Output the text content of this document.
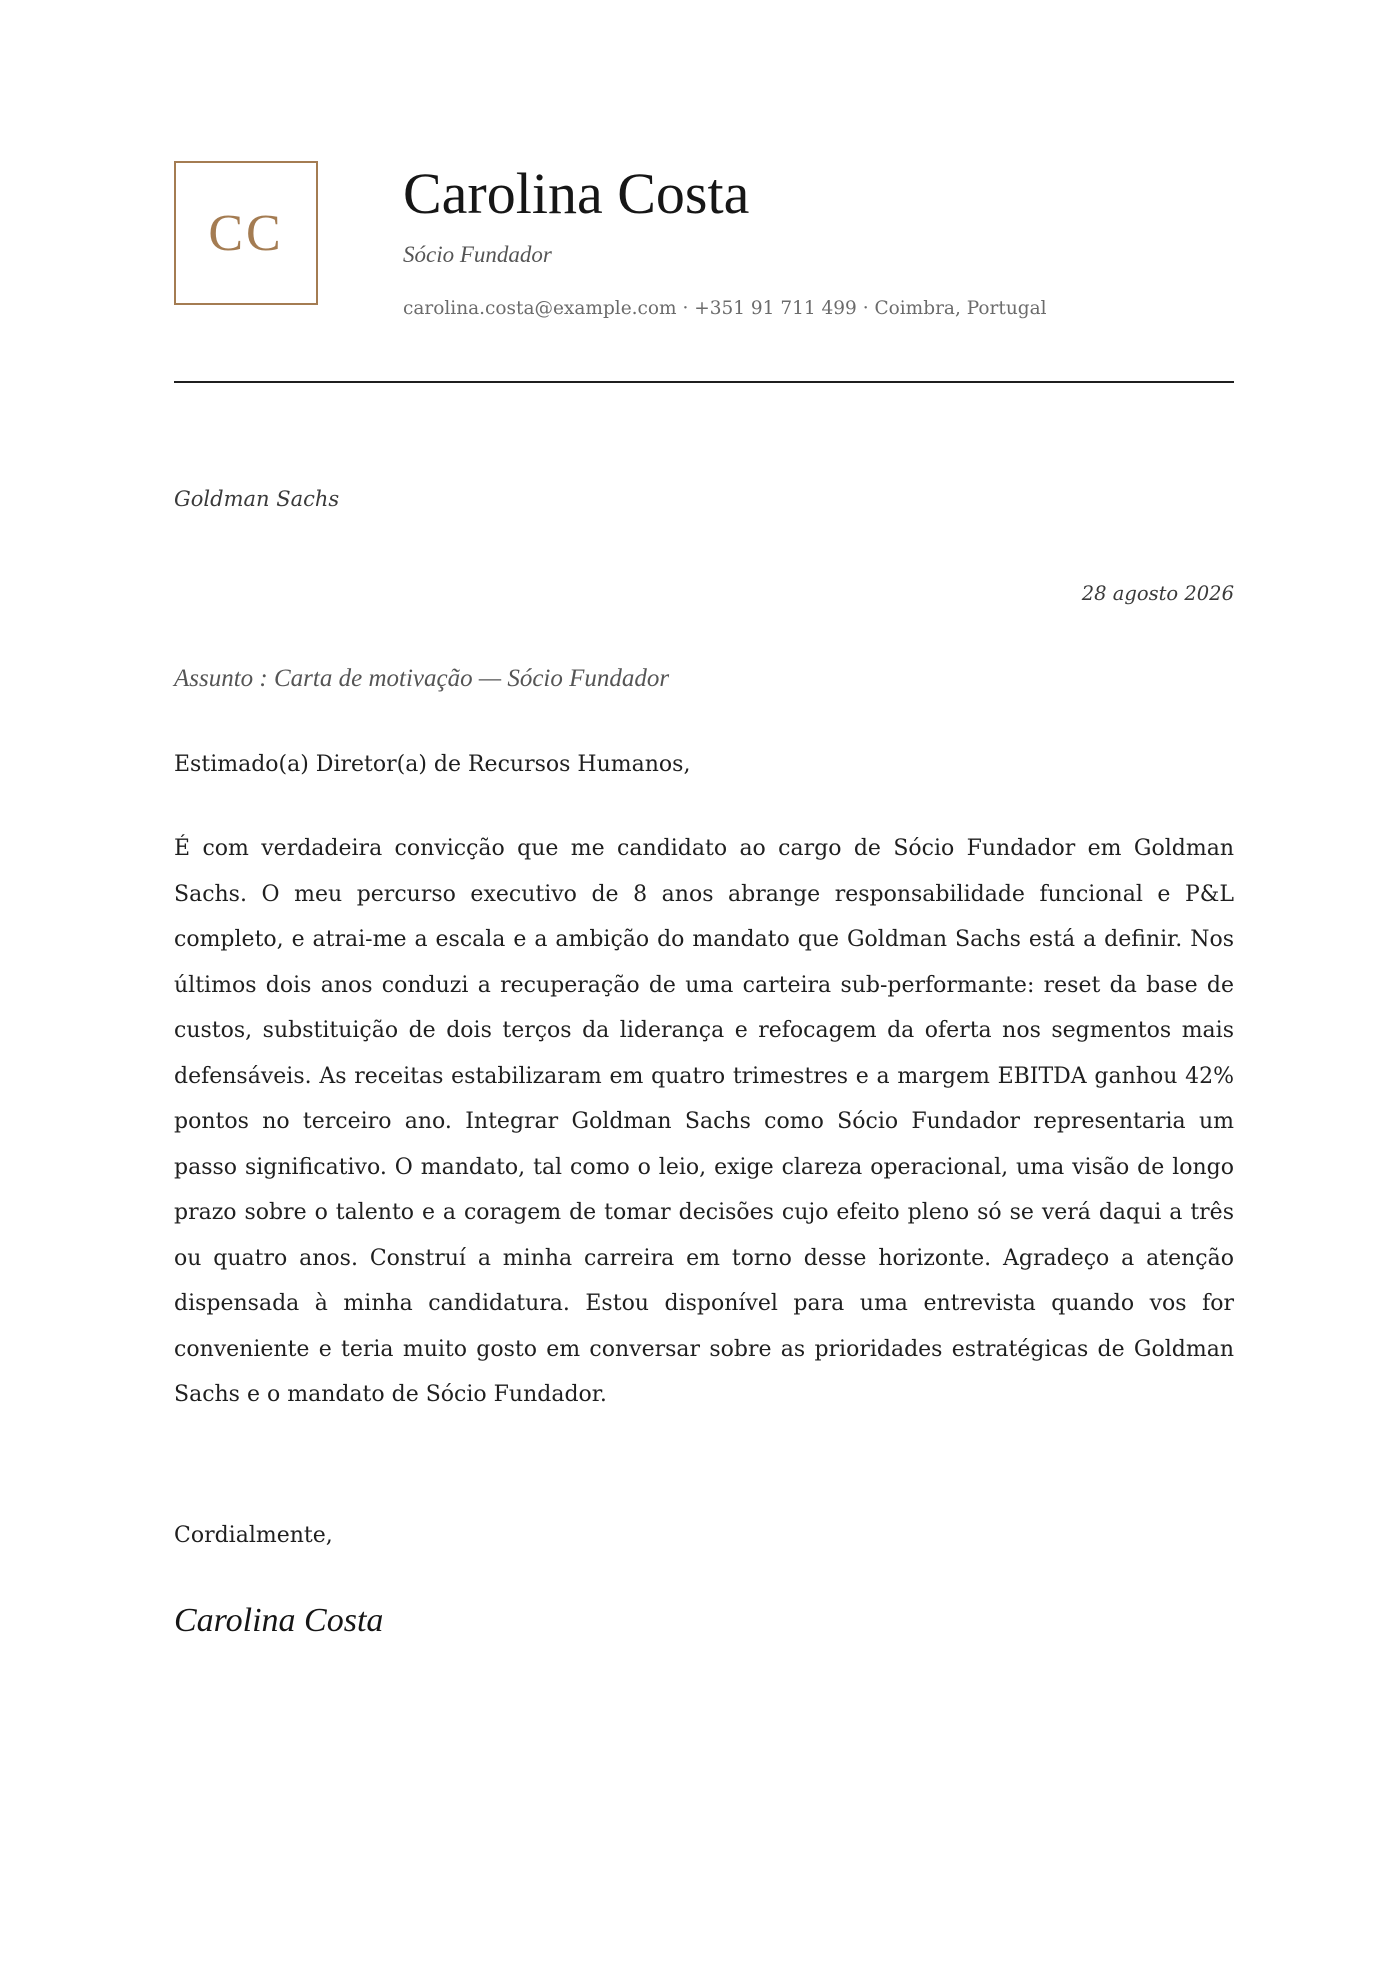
CC
Carolina Costa
Sócio Fundador
carolina.costa@example.com · +351 91 711 499 · Coimbra, Portugal
Goldman Sachs
28 agosto 2026
Assunto : Carta de motivação — Sócio Fundador
Estimado(a) Diretor(a) de Recursos Humanos,

É com verdadeira convicção que me candidato ao cargo de Sócio Fundador em Goldman Sachs. O meu percurso executivo de 8 anos abrange responsabilidade funcional e P&L completo, e atrai-me a escala e a ambição do mandato que Goldman Sachs está a definir. Nos últimos dois anos conduzi a recuperação de uma carteira sub-performante: reset da base de custos, substituição de dois terços da liderança e refocagem da oferta nos segmentos mais defensáveis. As receitas estabilizaram em quatro trimestres e a margem EBITDA ganhou 42% pontos no terceiro ano. Integrar Goldman Sachs como Sócio Fundador representaria um passo significativo. O mandato, tal como o leio, exige clareza operacional, uma visão de longo prazo sobre o talento e a coragem de tomar decisões cujo efeito pleno só se verá daqui a três ou quatro anos. Construí a minha carreira em torno desse horizonte. Agradeço a atenção dispensada à minha candidatura. Estou disponível para uma entrevista quando vos for conveniente e teria muito gosto em conversar sobre as prioridades estratégicas de Goldman Sachs e o mandato de Sócio Fundador.

Cordialmente,
Carolina Costa
